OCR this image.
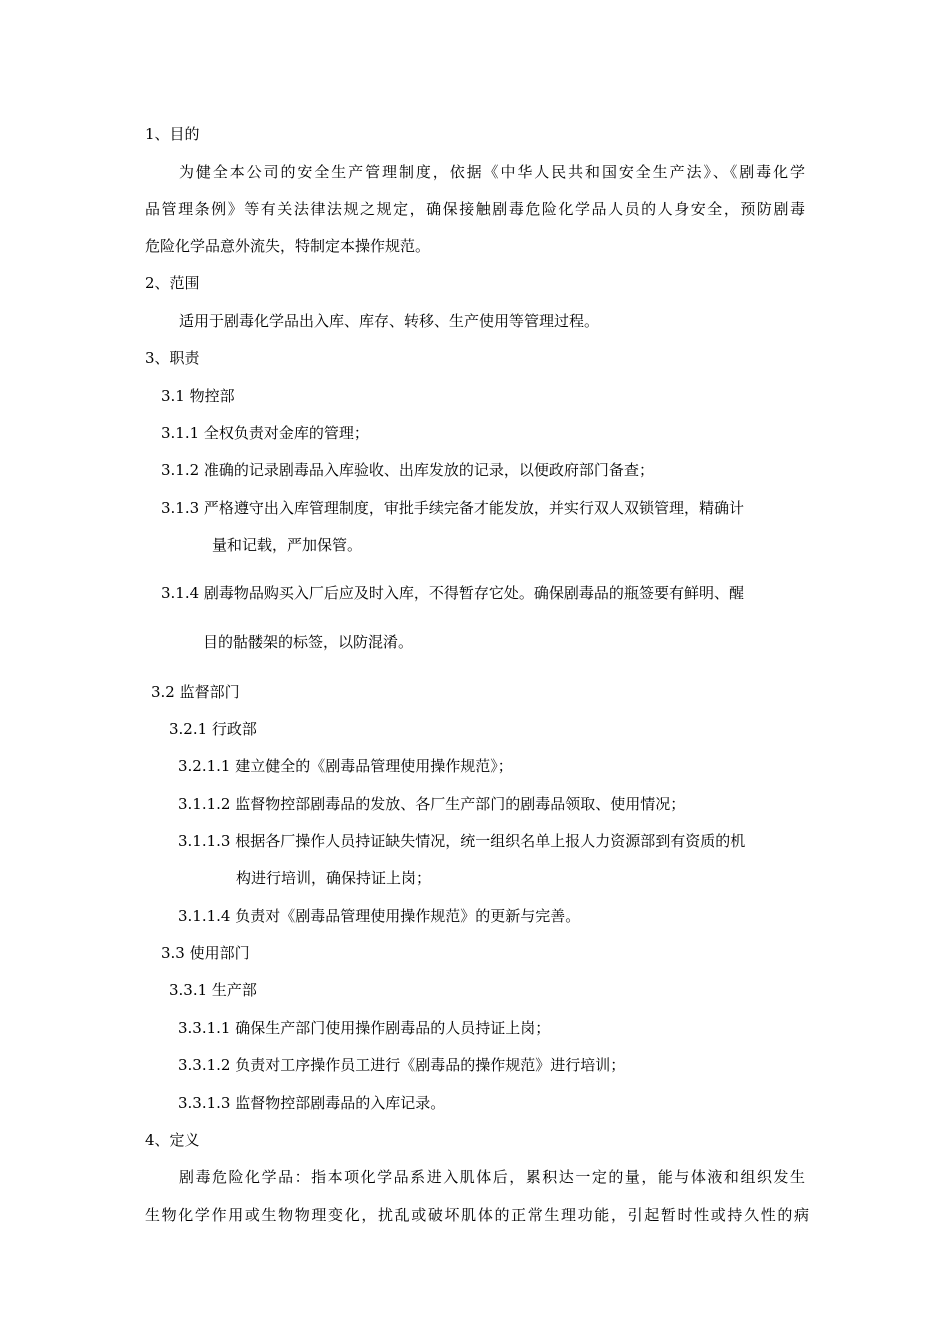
1、目的

为健全本公司的安全生产管理制度，依据《中华人民共和国安全生产法》、《剧毒化学

品管理条例》等有关法律法规之规定，确保接触剧毒危险化学品人员的人身安全，预防剧毒

危险化学品意外流失，特制定本操作规范。

2、范围

适用于剧毒化学品出入库、库存、转移、生产使用等管理过程。

3、职责

3.1 物控部

3.1.1 全权负责对金库的管理；

3.1.2 准确的记录剧毒品入库验收、出库发放的记录，以便政府部门备查；

3.1.3 严格遵守出入库管理制度，审批手续完备才能发放，并实行双人双锁管理，精确计

量和记载，严加保管。

3.1.4 剧毒物品购买入厂后应及时入库，不得暂存它处。确保剧毒品的瓶签要有鲜明、醒

目的骷髅架的标签，以防混淆。

3.2 监督部门

3.2.1 行政部

3.2.1.1 建立健全的《剧毒品管理使用操作规范》；

3.1.1.2 监督物控部剧毒品的发放、各厂生产部门的剧毒品领取、使用情况；

3.1.1.3 根据各厂操作人员持证缺失情况，统一组织名单上报人力资源部到有资质的机

构进行培训，确保持证上岗；

3.1.1.4 负责对《剧毒品管理使用操作规范》的更新与完善。

3.3 使用部门

3.3.1 生产部

3.3.1.1 确保生产部门使用操作剧毒品的人员持证上岗；

3.3.1.2 负责对工序操作员工进行《剧毒品的操作规范》进行培训；

3.3.1.3 监督物控部剧毒品的入库记录。

4、定义

剧毒危险化学品：指本项化学品系进入肌体后，累积达一定的量，能与体液和组织发生

生物化学作用或生物物理变化，扰乱或破坏肌体的正常生理功能，引起暂时性或持久性的病
